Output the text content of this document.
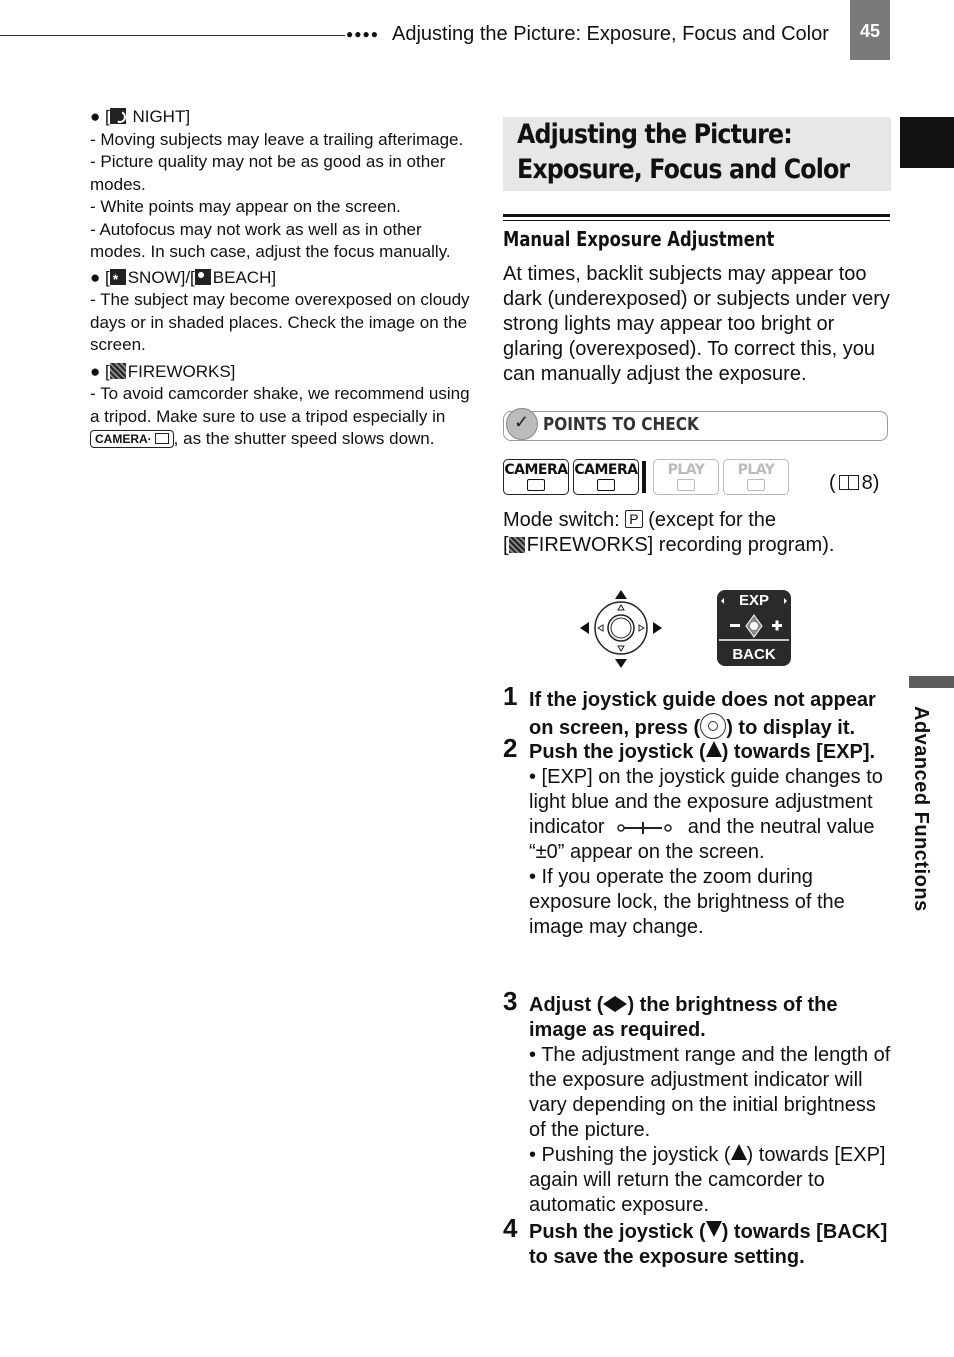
●●●● Adjusting the Picture: Exposure, Focus and Color	45
Advanced Functions

● [ NIGHT]

- Moving subjects may leave a trailing afterimage.

- Picture quality may not be as good as in other modes.

- White points may appear on the screen.

- Autofocus may not work as well as in other modes. In such case, adjust the focus manually.

● [* SNOW]/[ BEACH]

- The subject may become overexposed on cloudy days or in shaded places. Check the image on the screen.

● [ FIREWORKS]

- To avoid camcorder shake, we recommend using a tripod. Make sure to use a tripod especially in CAMERA· , as the shutter speed slows down.

Adjusting the Picture:
Exposure, Focus and Color
Manual Exposure Adjustment
At times, backlit subjects may appear too dark (underexposed) or subjects under very strong lights may appear too bright or glaring (overexposed). To correct this, you can manually adjust the exposure.
✓
POINTS TO CHECK
CAMERA CAMERA	PLAY	PLAY
( 8)
Mode switch: P (except for the
[ FIREWORKS] recording program).
EXP
BACK
1 If the joystick guide does not appear on screen, press ( ) to display it.
2 Push the joystick ( ) towards [EXP].
• [EXP] on the joystick guide changes to light blue and the exposure adjustment indicator	and the neutral value “±0” appear on the screen.
• If you operate the zoom during exposure lock, the brightness of the image may change.
3 Adjust ( ) the brightness of the image as required.
• The adjustment range and the length of the exposure adjustment indicator will vary depending on the initial brightness of the picture.
• Pushing the joystick ( ) towards [EXP] again will return the camcorder to automatic exposure.
4 Push the joystick ( ) towards [BACK] to save the exposure setting.
